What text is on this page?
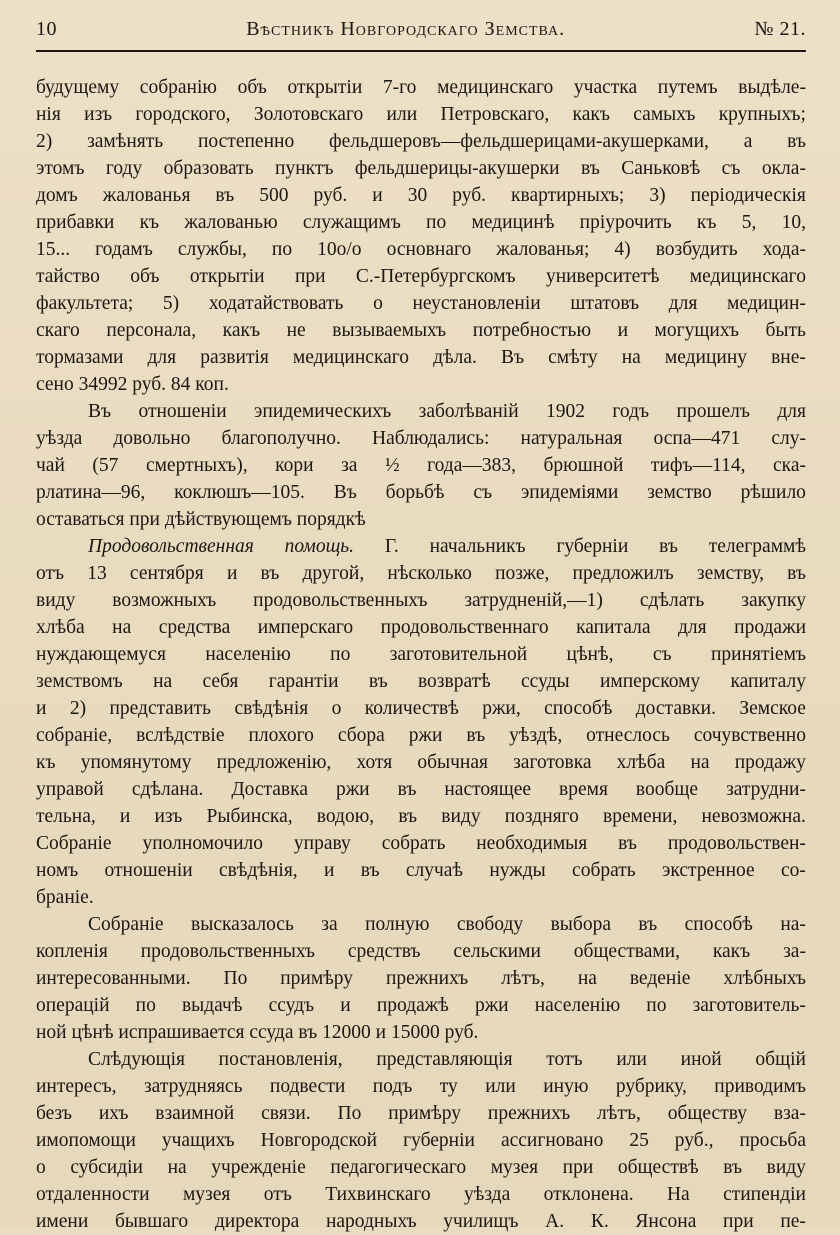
10	Вѣстникъ Новгородскаго Земства.	№ 21.
будущему собранію объ открытіи 7-го медицинскаго участка путемъ выдѣле-
нія изъ городского, Золотовскаго или Петровскаго, какъ самыхъ крупныхъ;
2) замѣнять постепенно фельдшеровъ—фельдшерицами-акушерками, а въ
этомъ году образовать пунктъ фельдшерицы-акушерки въ Саньковѣ съ окла-
домъ жалованья въ 500 руб. и 30 руб. квартирныхъ; 3) періодическія
прибавки къ жалованью служащимъ по медицинѣ пріурочить къ 5, 10,
15... годамъ службы, по 10о/о основнаго жалованья; 4) возбудить хода-
тайство объ открытіи при С.-Петербургскомъ университетѣ медицинскаго
факультета; 5) ходатайствовать о неустановленіи штатовъ для медицин-
скаго персонала, какъ не вызываемыхъ потребностью и могущихъ быть
тормазами для развитія медицинскаго дѣла. Въ смѣту на медицину вне-
сено 34992 руб. 84 коп.
Въ отношеніи эпидемическихъ заболѣваній 1902 годъ прошелъ для
уѣзда довольно благополучно. Наблюдались: натуральная оспа—471 слу-
чай (57 смертныхъ), кори за ½ года—383, брюшной тифъ—114, ска-
рлатина—96, коклюшъ—105. Въ борьбѣ съ эпидеміями земство рѣшило
оставаться при дѣйствующемъ порядкѣ
Продовольственная помощь. Г. начальникъ губерніи въ телеграммѣ
отъ 13 сентября и въ другой, нѣсколько позже, предложилъ земству, въ
виду возможныхъ продовольственныхъ затрудненій,—1) сдѣлать закупку
хлѣба на средства имперскаго продовольственнаго капитала для продажи
нуждающемуся населенію по заготовительной цѣнѣ, съ принятіемъ
земствомъ на себя гарантіи въ возвратѣ ссуды имперскому капиталу
и 2) представить свѣдѣнія о количествѣ ржи, способѣ доставки. Земское
собраніе, вслѣдствіе плохого сбора ржи въ уѣздѣ, отнеслось сочувственно
къ упомянутому предложенію, хотя обычная заготовка хлѣба на продажу
управой сдѣлана. Доставка ржи въ настоящее время вообще затрудни-
тельна, и изъ Рыбинска, водою, въ виду поздняго времени, невозможна.
Собраніе уполномочило управу собрать необходимыя въ продовольствен-
номъ отношеніи свѣдѣнія, и въ случаѣ нужды собрать экстренное со-
браніе.
Собраніе высказалось за полную свободу выбора въ способѣ на-
копленія продовольственныхъ средствъ сельскими обществами, какъ за-
интересованными. По примѣру прежнихъ лѣтъ, на веденіе хлѣбныхъ
операцій по выдачѣ ссудъ и продажѣ ржи населенію по заготовитель-
ной цѣнѣ испрашивается ссуда въ 12000 и 15000 руб.
Слѣдующія постановленія, представляющія тотъ или иной общій
интересъ, затрудняясь подвести подъ ту или иную рубрику, приводимъ
безъ ихъ взаимной связи. По примѣру прежнихъ лѣтъ, обществу вза-
имопомощи учащихъ Новгородской губерніи ассигновано 25 руб., просьба
о субсидіи на учрежденіе педагогическаго музея при обществѣ въ виду
отдаленности музея отъ Тихвинскаго уѣзда отклонена. На стипендіи
имени бывшаго директора народныхъ училищъ А. К. Янсона при пе-
